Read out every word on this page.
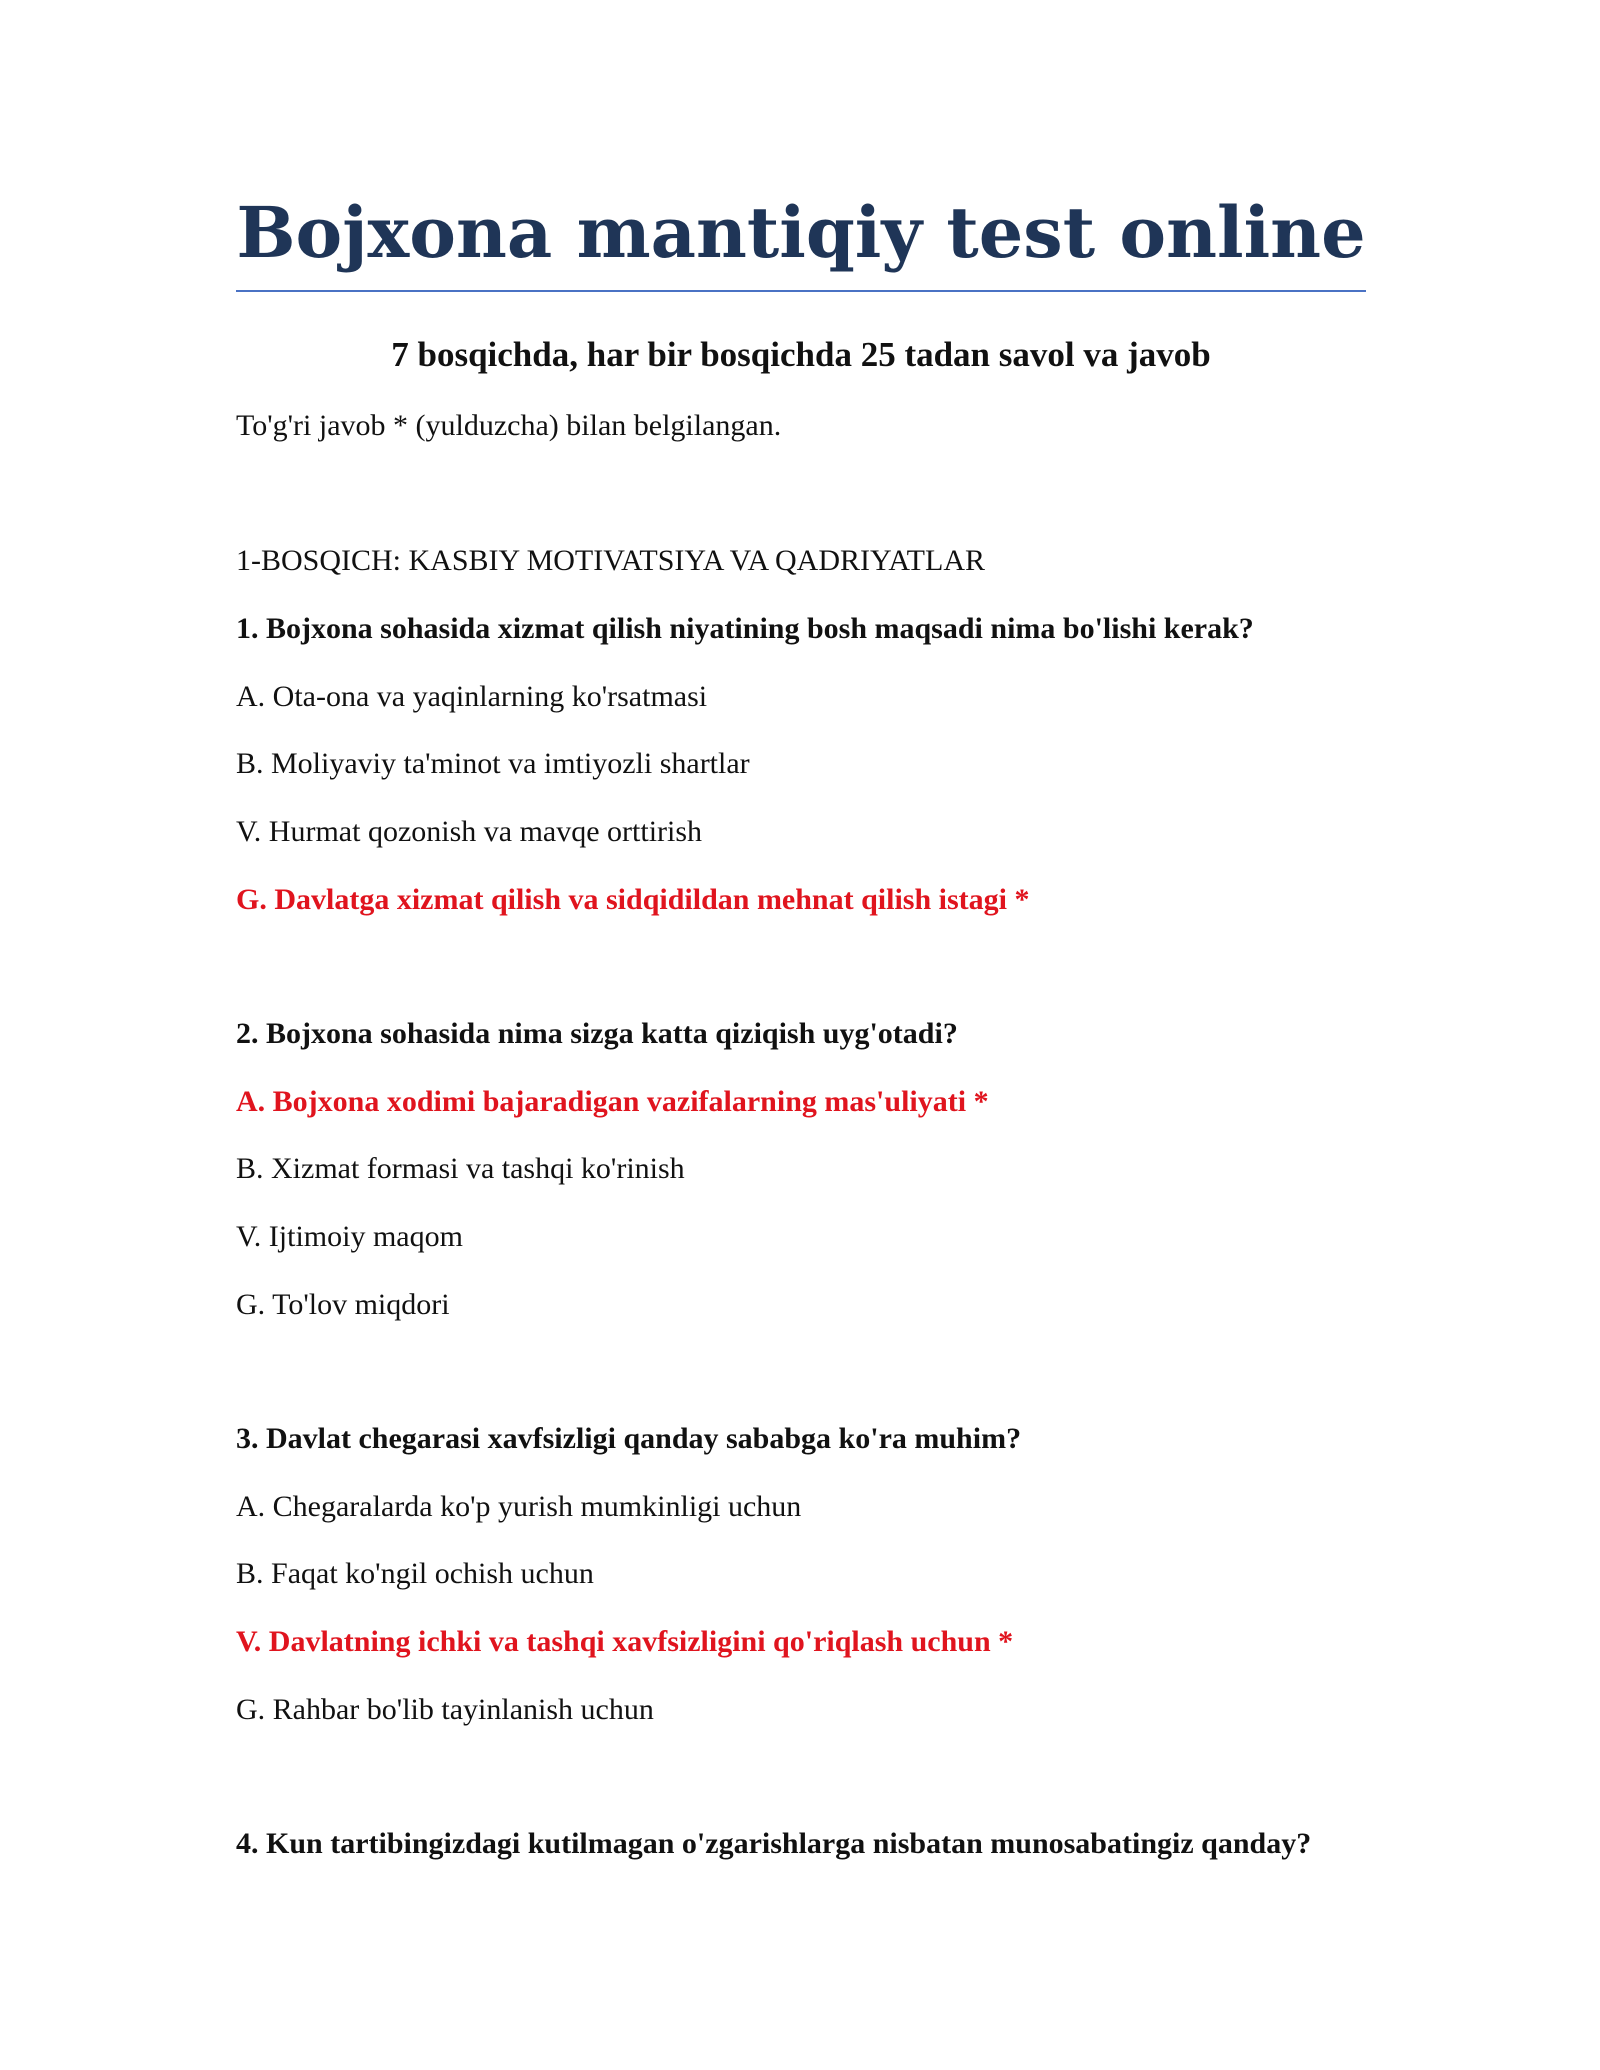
Bojxona mantiqiy test online
7 bosqichda, har bir bosqichda 25 tadan savol va javob

To'g'ri javob * (yulduzcha) bilan belgilangan.

1-BOSQICH: KASBIY MOTIVATSIYA VA QADRIYATLAR

1. Bojxona sohasida xizmat qilish niyatining bosh maqsadi nima bo'lishi kerak?

A. Ota-ona va yaqinlarning ko'rsatmasi

B. Moliyaviy ta'minot va imtiyozli shartlar

V. Hurmat qozonish va mavqe orttirish

G. Davlatga xizmat qilish va sidqidildan mehnat qilish istagi *

2. Bojxona sohasida nima sizga katta qiziqish uyg'otadi?

A. Bojxona xodimi bajaradigan vazifalarning mas'uliyati *

B. Xizmat formasi va tashqi ko'rinish

V. Ijtimoiy maqom

G. To'lov miqdori

3. Davlat chegarasi xavfsizligi qanday sababga ko'ra muhim?

A. Chegaralarda ko'p yurish mumkinligi uchun

B. Faqat ko'ngil ochish uchun

V. Davlatning ichki va tashqi xavfsizligini qo'riqlash uchun *

G. Rahbar bo'lib tayinlanish uchun

4. Kun tartibingizdagi kutilmagan o'zgarishlarga nisbatan munosabatingiz qanday?
